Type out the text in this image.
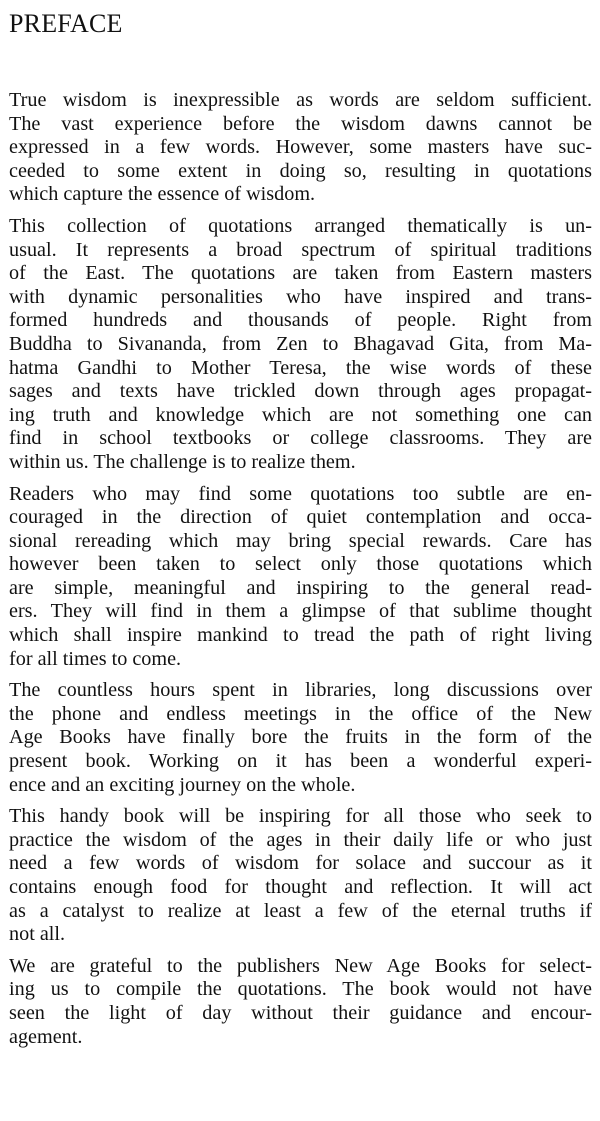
PREFACE

True wisdom is inexpressible as words are seldom sufficient.
The vast experience before the wisdom dawns cannot be
expressed in a few words. However, some masters have suc-
ceeded to some extent in doing so, resulting in quotations
which capture the essence of wisdom.

This collection of quotations arranged thematically is un-
usual. It represents a broad spectrum of spiritual traditions
of the East. The quotations are taken from Eastern masters
with dynamic personalities who have inspired and trans-
formed hundreds and thousands of people. Right from
Buddha to Sivananda, from Zen to Bhagavad Gita, from Ma-
hatma Gandhi to Mother Teresa, the wise words of these
sages and texts have trickled down through ages propagat-
ing truth and knowledge which are not something one can
find in school textbooks or college classrooms. They are
within us. The challenge is to realize them.

Readers who may find some quotations too subtle are en-
couraged in the direction of quiet contemplation and occa-
sional rereading which may bring special rewards. Care has
however been taken to select only those quotations which
are simple, meaningful and inspiring to the general read-
ers. They will find in them a glimpse of that sublime thought
which shall inspire mankind to tread the path of right living
for all times to come.

The countless hours spent in libraries, long discussions over
the phone and endless meetings in the office of the New
Age Books have finally bore the fruits in the form of the
present book. Working on it has been a wonderful experi-
ence and an exciting journey on the whole.

This handy book will be inspiring for all those who seek to
practice the wisdom of the ages in their daily life or who just
need a few words of wisdom for solace and succour as it
contains enough food for thought and reflection. It will act
as a catalyst to realize at least a few of the eternal truths if
not all.

We are grateful to the publishers New Age Books for select-
ing us to compile the quotations. The book would not have
seen the light of day without their guidance and encour-
agement.
